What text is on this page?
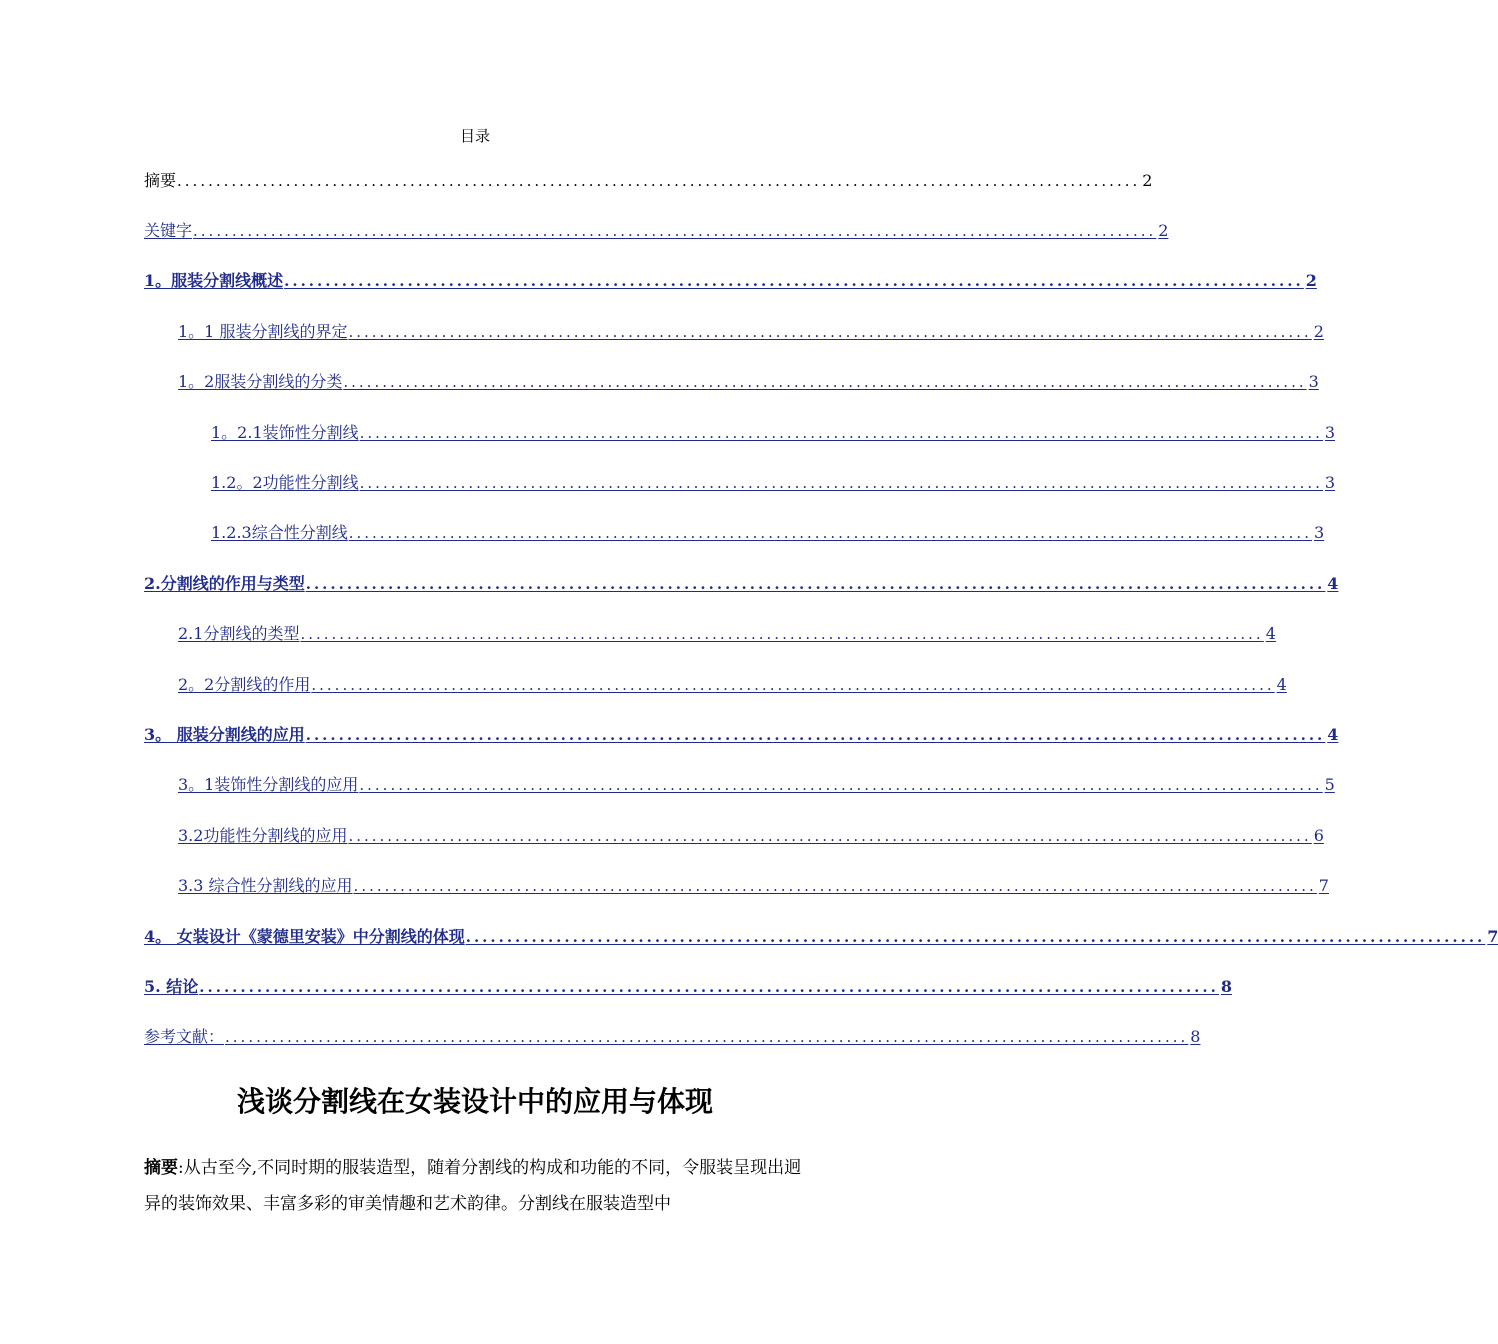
目录
摘要 ............................................................................................................................ 2
关键字 ............................................................................................................................ 2
1。服装分割线概述 ............................................................................................................................ 2
1。1 服装分割线的界定 ............................................................................................................................ 2
1。2服装分割线的分类 ............................................................................................................................ 3
1。2.1装饰性分割线 ............................................................................................................................ 3
1.2。2功能性分割线 ............................................................................................................................ 3
1.2.3综合性分割线 ............................................................................................................................ 3
2.分割线的作用与类型 ............................................................................................................................ 4
2.1分割线的类型 ............................................................................................................................ 4
2。2分割线的作用 ............................................................................................................................ 4
3。 服装分割线的应用 ............................................................................................................................ 4
3。1装饰性分割线的应用 ............................................................................................................................ 5
3.2功能性分割线的应用 ............................................................................................................................ 6
3.3 综合性分割线的应用 ............................................................................................................................ 7
4。 女装设计《蒙德里安装》中分割线的体现 ............................................................................................................................ 7
5. 结论 ............................................................................................................................ 8
参考文献： ............................................................................................................................ 8
浅谈分割线在女装设计中的应用与体现
摘要:从古至今,不同时期的服装造型，随着分割线的构成和功能的不同，令服装呈现出迥异的装饰效果、丰富多彩的审美情趣和艺术韵律。分割线在服装造型中
